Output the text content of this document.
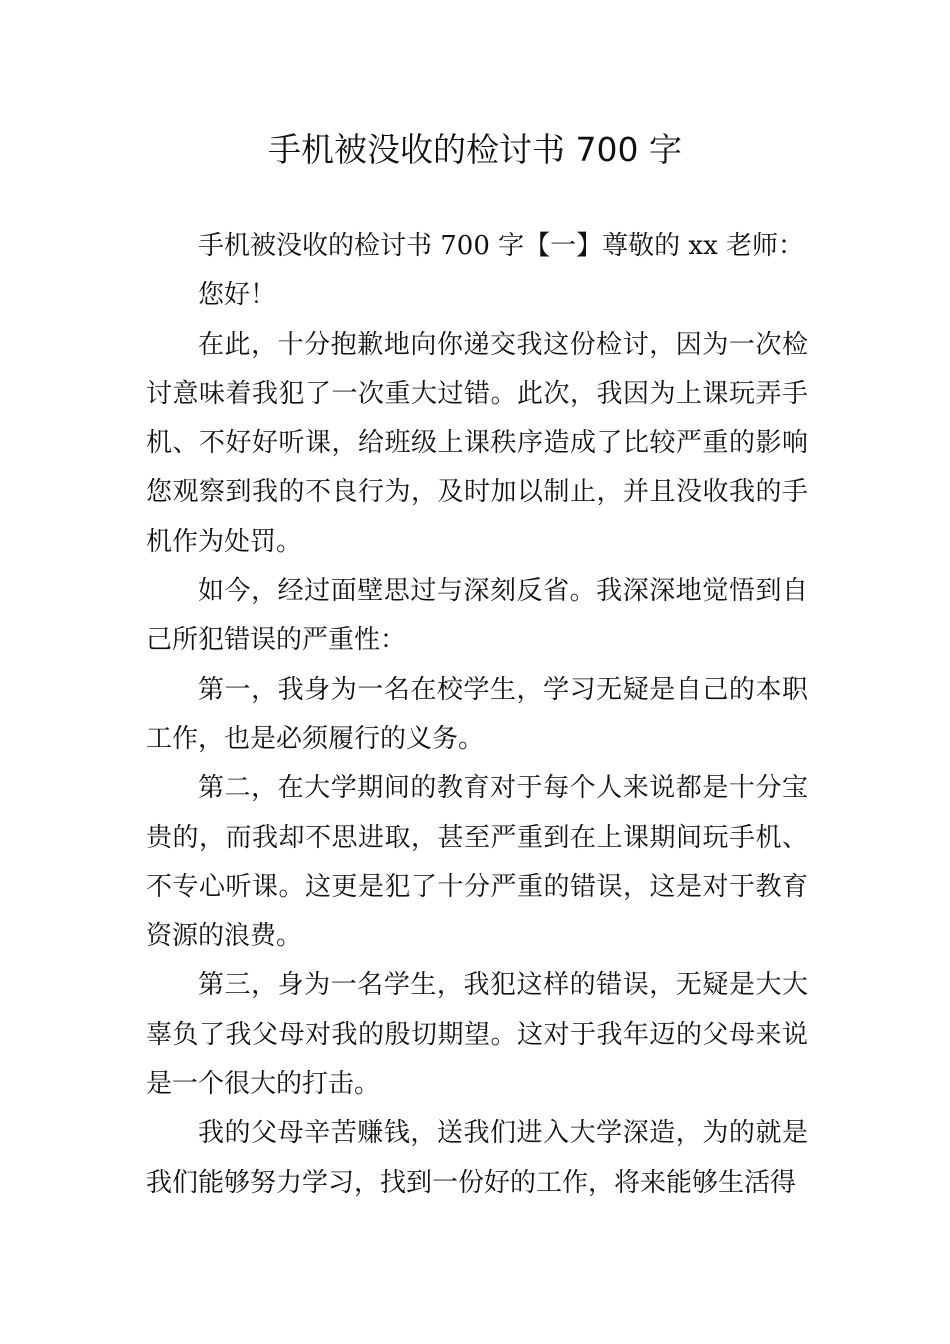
手机被没收的检讨书 700 字

手机被没收的检讨书 700 字【一】尊敬的 xx 老师：

您好！

在此，十分抱歉地向你递交我这份检讨，因为一次检讨意味着我犯了一次重大过错。此次，我因为上课玩弄手机、不好好听课，给班级上课秩序造成了比较严重的影响您观察到我的不良行为，及时加以制止，并且没收我的手机作为处罚。

如今，经过面壁思过与深刻反省。我深深地觉悟到自己所犯错误的严重性：

第一，我身为一名在校学生，学习无疑是自己的本职工作，也是必须履行的义务。

第二，在大学期间的教育对于每个人来说都是十分宝贵的，而我却不思进取，甚至严重到在上课期间玩手机、不专心听课。这更是犯了十分严重的错误，这是对于教育资源的浪费。

第三，身为一名学生，我犯这样的错误，无疑是大大辜负了我父母对我的殷切期望。这对于我年迈的父母来说是一个很大的打击。

我的父母辛苦赚钱，送我们进入大学深造，为的就是我们能够努力学习，找到一份好的工作，将来能够生活得
